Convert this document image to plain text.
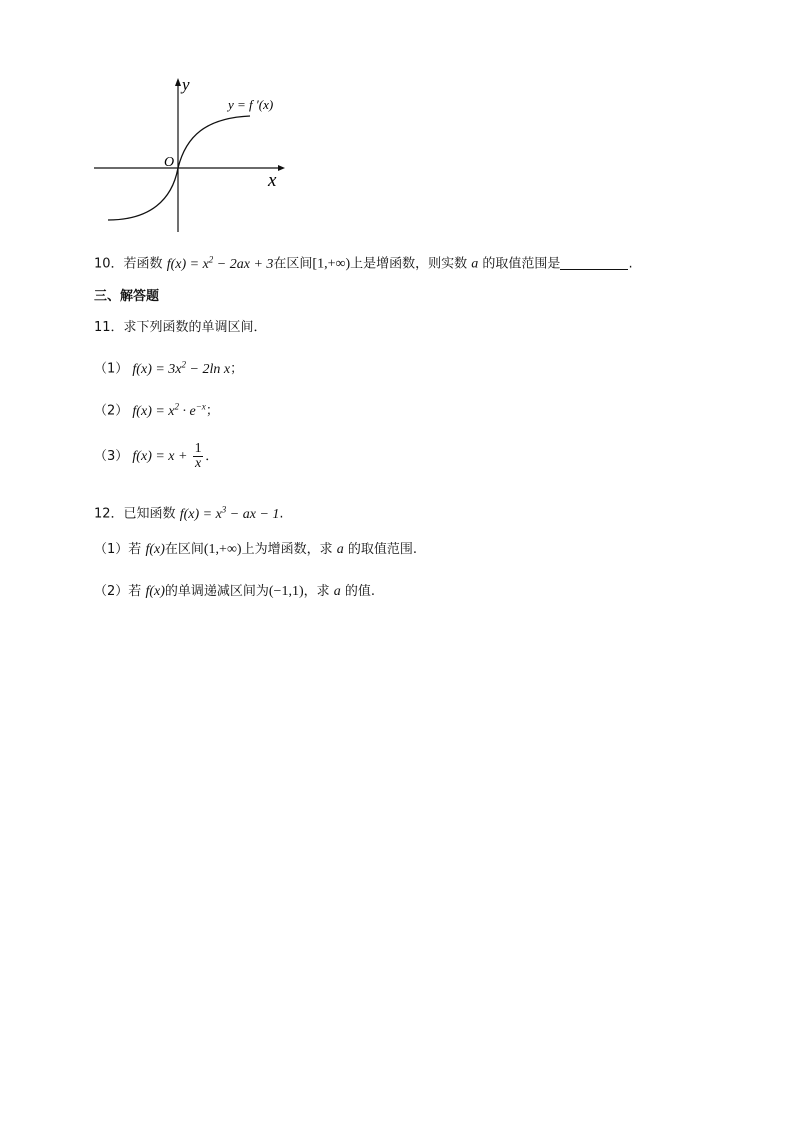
y
x
O
y = f ′(x)
10．若函数 $f(x) = x^2 - 2ax + 3$在区间[1,+∞)上是增函数，则实数 a 的取值范围是	.
三、解答题
11．求下列函数的单调区间．
（1） $f(x) = 3x^2 - 2\ln$ x；
（2） $f(x) = x^2 \cdot e^{-x}$；
（3） $f(x) = x + \frac{1}{x}$ ．
12．已知函数 $f(x) = x^3$ − ax − 1.
（1）若 f(x)在区间(1,+∞)上为增函数，求 a 的取值范围.
（2）若 f(x)的单调递减区间为(−1,1)，求 a 的值.
